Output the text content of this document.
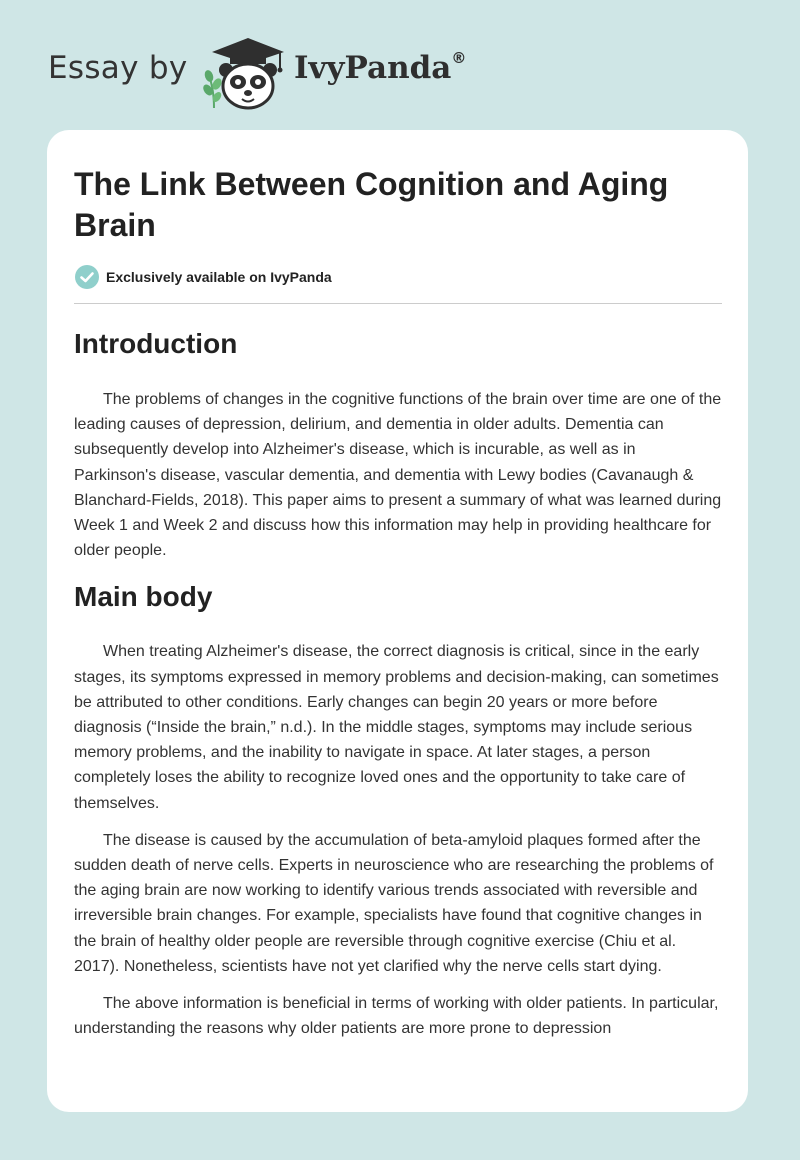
Essay by	IvyPanda®
The Link Between Cognition and Aging Brain
Exclusively available on IvyPanda
Introduction

The problems of changes in the cognitive functions of the brain over time are one of the leading causes of depression, delirium, and dementia in older adults. Dementia can subsequently develop into Alzheimer's disease, which is incurable, as well as in Parkinson's disease, vascular dementia, and dementia with Lewy bodies (Cavanaugh & Blanchard-Fields, 2018). This paper aims to present a summary of what was learned during Week 1 and Week 2 and discuss how this information may help in providing healthcare for older people.

Main body

When treating Alzheimer's disease, the correct diagnosis is critical, since in the early stages, its symptoms expressed in memory problems and decision-making, can sometimes be attributed to other conditions. Early changes can begin 20 years or more before diagnosis (“Inside the brain,” n.d.). In the middle stages, symptoms may include serious memory problems, and the inability to navigate in space. At later stages, a person completely loses the ability to recognize loved ones and the opportunity to take care of themselves.

The disease is caused by the accumulation of beta-amyloid plaques formed after the sudden death of nerve cells. Experts in neuroscience who are researching the problems of the aging brain are now working to identify various trends associated with reversible and irreversible brain changes. For example, specialists have found that cognitive changes in the brain of healthy older people are reversible through cognitive exercise (Chiu et al. 2017). Nonetheless, scientists have not yet clarified why the nerve cells start dying.

The above information is beneficial in terms of working with older patients. In particular, understanding the reasons why older patients are more prone to depression
